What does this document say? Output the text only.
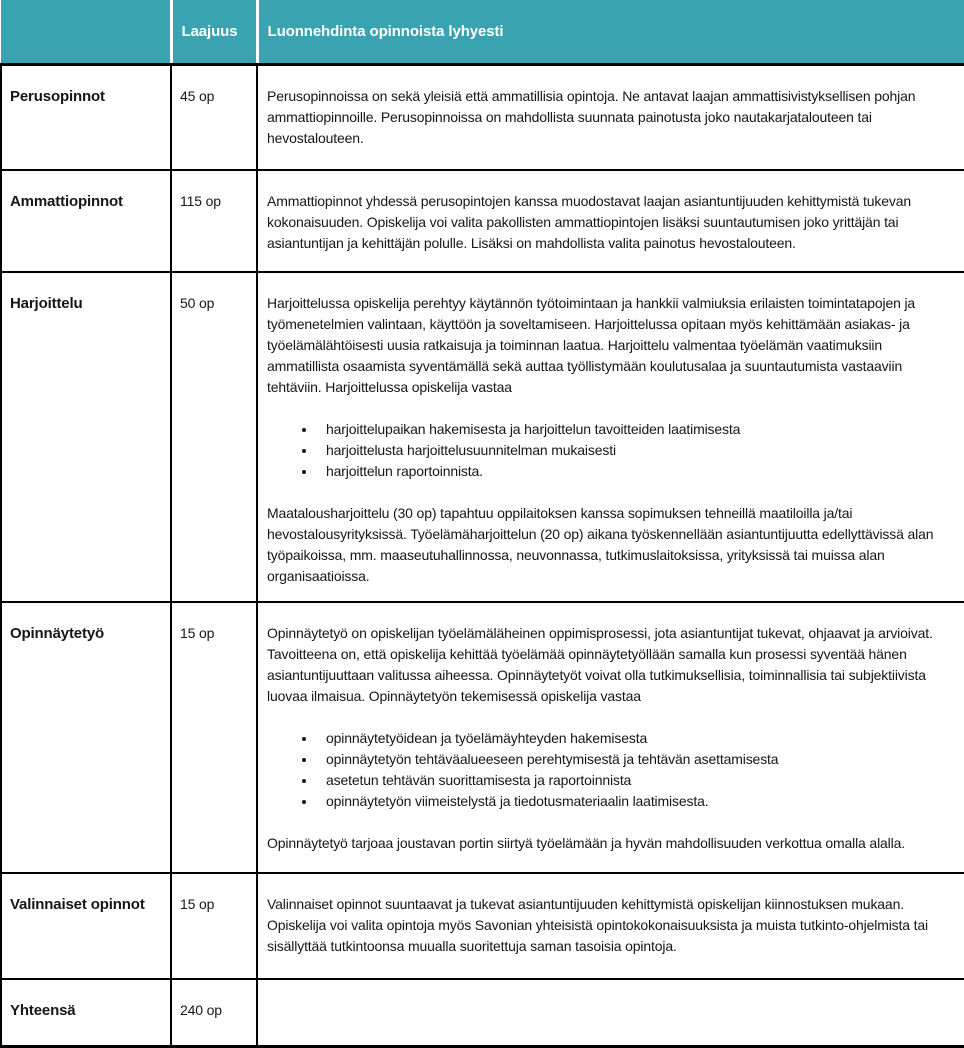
	Laajuus	Luonnehdinta opinnoista lyhyesti
Perusopinnot	45 op	Perusopinnoissa on sekä yleisiä että ammatillisia opintoja. Ne antavat laajan ammattisivistyksellisen pohjan ammattiopinnoille. Perusopinnoissa on mahdollista suunnata painotusta joko nautakarjatalouteen tai hevostalouteen.

Ammattiopinnot	115 op	Ammattiopinnot yhdessä perusopintojen kanssa muodostavat laajan asiantuntijuuden kehittymistä tukevan kokonaisuuden. Opiskelija voi valita pakollisten ammattiopintojen lisäksi suuntautumisen joko yrittäjän tai asiantuntijan ja kehittäjän polulle. Lisäksi on mahdollista valita painotus hevostalouteen.

Harjoittelu	50 op	Harjoittelussa opiskelija perehtyy käytännön työtoimintaan ja hankkii valmiuksia erilaisten toimintatapojen ja työmenetelmien valintaan, käyttöön ja soveltamiseen. Harjoittelussa opitaan myös kehittämään asiakas- ja työelämälähtöisesti uusia ratkaisuja ja toiminnan laatua. Harjoittelu valmentaa työelämän vaatimuksiin ammatillista osaamista syventämällä sekä auttaa työllistymään koulutusalaa ja suuntautumista vastaaviin tehtäviin. Harjoittelussa opiskelija vastaa

• harjoittelupaikan hakemisesta ja harjoittelun tavoitteiden laatimisesta
• harjoittelusta harjoittelusuunnitelman mukaisesti
• harjoittelun raportoinnista.

Maatalousharjoittelu (30 op) tapahtuu oppilaitoksen kanssa sopimuksen tehneillä maatiloilla ja/tai hevostalousyrityksissä. Työelämäharjoittelun (20 op) aikana työskennellään asiantuntijuutta edellyttävissä alan työpaikoissa, mm. maaseutuhallinnossa, neuvonnassa, tutkimuslaitoksissa, yrityksissä tai muissa alan organisaatioissa.

Opinnäytetyö	15 op	Opinnäytetyö on opiskelijan työelämäläheinen oppimisprosessi, jota asiantuntijat tukevat, ohjaavat ja arvioivat. Tavoitteena on, että opiskelija kehittää työelämää opinnäytetyöllään samalla kun prosessi syventää hänen asiantuntijuuttaan valitussa aiheessa. Opinnäytetyöt voivat olla tutkimuksellisia, toiminnallisia tai subjektiivista luovaa ilmaisua. Opinnäytetyön tekemisessä opiskelija vastaa

• opinnäytetyöidean ja työelämäyhteyden hakemisesta
• opinnäytetyön tehtäväalueeseen perehtymisestä ja tehtävän asettamisesta
• asetetun tehtävän suorittamisesta ja raportoinnista
• opinnäytetyön viimeistelystä ja tiedotusmateriaalin laatimisesta.

Opinnäytetyö tarjoaa joustavan portin siirtyä työelämään ja hyvän mahdollisuuden verkottua omalla alalla.

Valinnaiset opinnot	15 op	Valinnaiset opinnot suuntaavat ja tukevat asiantuntijuuden kehittymistä opiskelijan kiinnostuksen mukaan. Opiskelija voi valita opintoja myös Savonian yhteisistä opintokokonaisuuksista ja muista tutkinto-ohjelmista tai sisällyttää tutkintoonsa muualla suoritettuja saman tasoisia opintoja.

Yhteensä	240 op	
